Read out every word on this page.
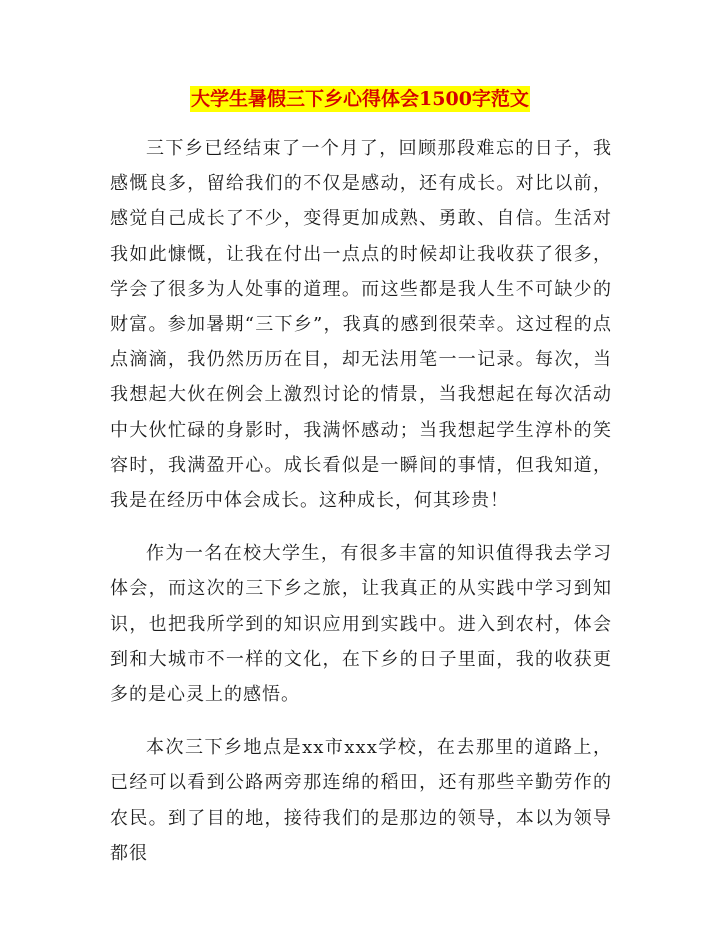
大学生暑假三下乡心得体会1500字范文

三下乡已经结束了一个月了，回顾那段难忘的日子，我感慨良多，留给我们的不仅是感动，还有成长。对比以前，感觉自己成长了不少，变得更加成熟、勇敢、自信。生活对我如此慷慨，让我在付出一点点的时候却让我收获了很多，学会了很多为人处事的道理。而这些都是我人生不可缺少的财富。参加暑期“三下乡”，我真的感到很荣幸。这过程的点点滴滴，我仍然历历在目，却无法用笔一一记录。每次，当我想起大伙在例会上激烈讨论的情景，当我想起在每次活动中大伙忙碌的身影时，我满怀感动；当我想起学生淳朴的笑容时，我满盈开心。成长看似是一瞬间的事情，但我知道，我是在经历中体会成长。这种成长，何其珍贵！

作为一名在校大学生，有很多丰富的知识值得我去学习体会，而这次的三下乡之旅，让我真正的从实践中学习到知识，也把我所学到的知识应用到实践中。进入到农村，体会到和大城市不一样的文化，在下乡的日子里面，我的收获更多的是心灵上的感悟。

本次三下乡地点是xx市xxx学校，在去那里的道路上，已经可以看到公路两旁那连绵的稻田，还有那些辛勤劳作的农民。到了目的地，接待我们的是那边的领导，本以为领导都很
